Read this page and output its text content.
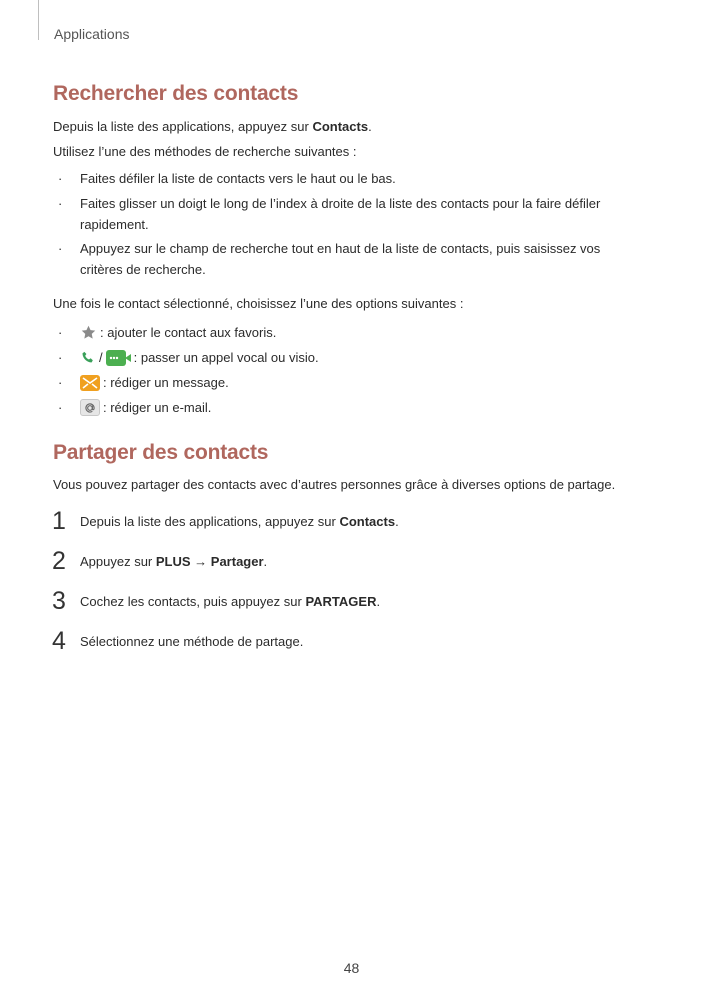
Applications
Rechercher des contacts
Depuis la liste des applications, appuyez sur Contacts.
Utilisez l’une des méthodes de recherche suivantes :
· Faites défiler la liste de contacts vers le haut ou le bas.
· Faites glisser un doigt le long de l’index à droite de la liste des contacts pour la faire défiler rapidement.
· Appuyez sur le champ de recherche tout en haut de la liste de contacts, puis saisissez vos critères de recherche.
Une fois le contact sélectionné, choisissez l’une des options suivantes :
·	: ajouter le contact aux favoris.
·	/ : passer un appel vocal ou visio.
·	: rédiger un message.
·	: rédiger un e-mail.
Partager des contacts
Vous pouvez partager des contacts avec d’autres personnes grâce à diverses options de partage.
1 Depuis la liste des applications, appuyez sur Contacts.
2 Appuyez sur PLUS → Partager.
3 Cochez les contacts, puis appuyez sur PARTAGER.
4 Sélectionnez une méthode de partage.
48
